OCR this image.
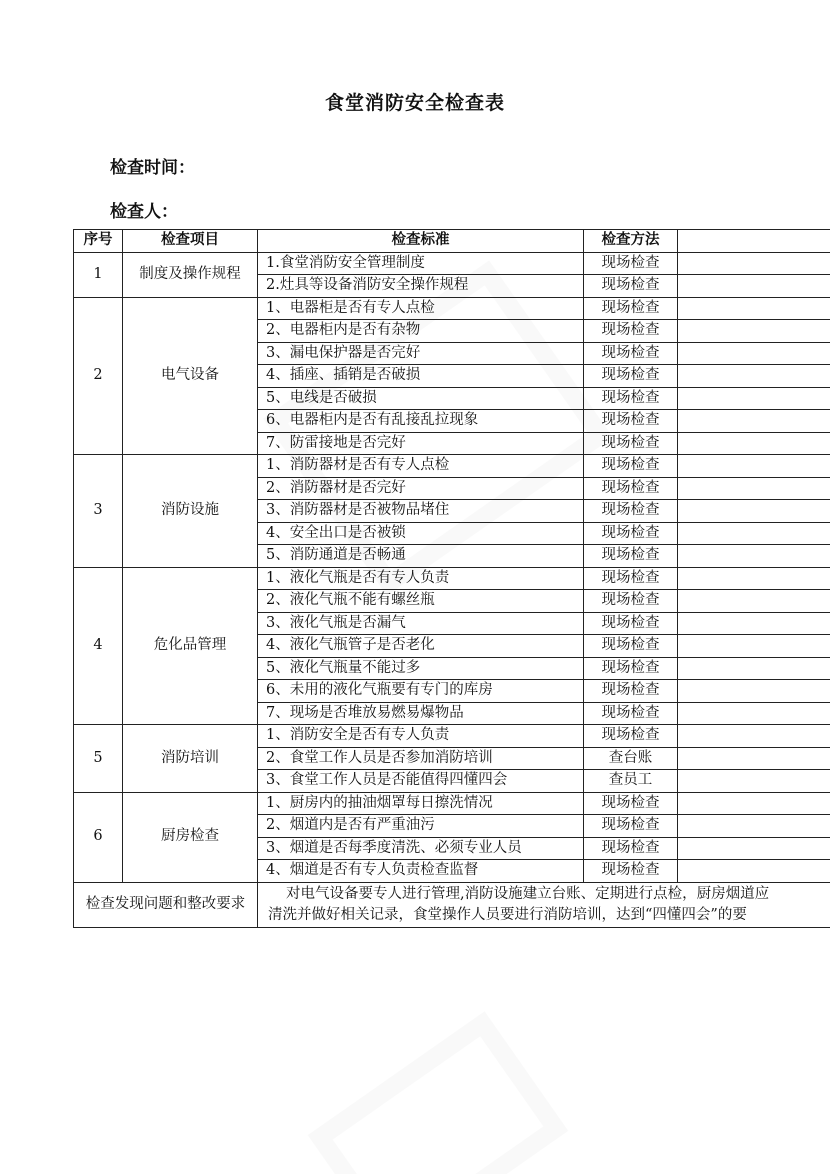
食堂消防安全检查表
检查时间：
检查人：
序号	检查项目	检查标准	检查方法	
1	制度及操作规程	1.食堂消防安全管理制度	现场检查	
		2.灶具等设备消防安全操作规程	现场检查	
2	电气设备	1、电器柜是否有专人点检	现场检查	
		2、电器柜内是否有杂物	现场检查	
		3、漏电保护器是否完好	现场检查	
		4、插座、插销是否破损	现场检查	
		5、电线是否破损	现场检查	
		6、电器柜内是否有乱接乱拉现象	现场检查	
		7、防雷接地是否完好	现场检查	
3	消防设施	1、消防器材是否有专人点检	现场检查	
		2、消防器材是否完好	现场检查	
		3、消防器材是否被物品堵住	现场检查	
		4、安全出口是否被锁	现场检查	
		5、消防通道是否畅通	现场检查	
4	危化品管理	1、液化气瓶是否有专人负责	现场检查	
		2、液化气瓶不能有螺丝瓶	现场检查	
		3、液化气瓶是否漏气	现场检查	
		4、液化气瓶管子是否老化	现场检查	
		5、液化气瓶量不能过多	现场检查	
		6、未用的液化气瓶要有专门的库房	现场检查	
		7、现场是否堆放易燃易爆物品	现场检查	
5	消防培训	1、消防安全是否有专人负责	现场检查	
		2、食堂工作人员是否参加消防培训	查台账	
		3、食堂工作人员是否能值得四懂四会	查员工	
6	厨房检查	1、厨房内的抽油烟罩每日擦洗情况	现场检查	
		2、烟道内是否有严重油污	现场检查	
		3、烟道是否每季度清洗、必须专业人员	现场检查	
		4、烟道是否有专人负责检查监督	现场检查	
检查发现问题和整改要求		对电气设备要专人进行管理,消防设施建立台账、定期进行点检，厨房烟道应
清洗并做好相关记录，食堂操作人员要进行消防培训，达到“四懂四会”的要		
